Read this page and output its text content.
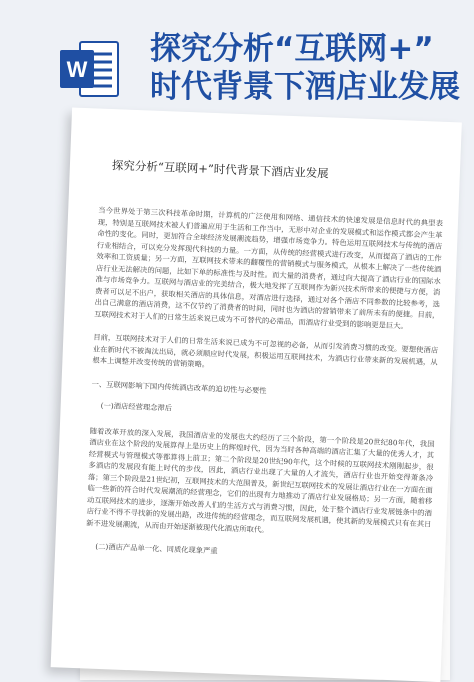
W
探究分析“互联网+”
时代背景下酒店业发展
探究分析“互联网+”时代背景下酒店业发展

当今世界处于第三次科技革命时期，计算机的广泛使用和网络、通信技术的快速发展是信息时代的典型表现，特别是互联网技术被人们普遍应用于生活和工作当中，无形中对企业的发展模式和运作模式都会产生革命性的变化。同时，更加符合全球经济发展潮流趋势，增强市场竞争力。特色运用互联网技术与传统的酒店行业相结合，可以充分发挥现代科技的力量。一方面，从传统的经营模式进行改变，从而提高了酒店的工作效率和工资质量；另一方面，互联网技术带来的翻覆性的营销模式与服务模式，从根本上解决了一些传统酒店行业无法解决的问题，比如下单的标准性与及时性。而大量的消费者，通过向大提高了酒店行业的国际水准与市场竞争力。互联网与酒店业的完美结合，极大地发挥了互联网作为新兴技术所带来的便捷与方便，消费者可以足不出户，获取相关酒店的具体信息，对酒店进行选择，通过对各个酒店不同参数的比较参考，选出自己满意的酒店消费，这不仅节约了消费者的时间，同时也为酒店的营销带来了前所未有的便捷。目前，互联网技术对于人们的日常生活来说已成为不可替代的必需品，而酒店行业受到的影响更是巨大。

目前，互联网技术对于人们的日常生活来说已成为不可忽视的必备，从而引发消费习惯的改变。要想使酒店业在新时代不被淘汰出局，就必须顺应时代发展，积极运用互联网技术，为酒店行业带来新的发展机遇，从根本上调整并改变传统的营销策略。

一、互联网影响下国内传统酒店改革的迫切性与必要性

(一)酒店经营理念滞后

随着改革开放的深入发展，我国酒店业的发展也大约经历了三个阶段，第一个阶段是20世纪80年代，我国酒店业在这个阶段的发展算得上是历史上的辉煌时代，因为当时各种高端的酒店汇集了大量的优秀人才，其经营模式与管理模式等都算得上前卫；第二个阶段是20世纪90年代，这个时候的互联网技术刚刚起步，很多酒店的发展段有能上时代的步伐，因此，酒店行业出现了大量的人才流失，酒店行业也开始变得萧条冷落；第三个阶段是21世纪初，互联网技术的大范围普及，新世纪互联网技术的发展让酒店行业在一方面在面临一些新的符合时代发展潮流的经营理念，它们的出现有力地推动了酒店行业发展格局；另一方面，随着移动互联网技术的进步，逐渐开始改善人们的生活方式与消费习惯，因此，处于整个酒店行业发展链条中的酒店行业不得不寻找新的发展出路，改进传统的经营理念，而互联网发展机遇，使其新的发展模式只有在其日新不进发展潮流，从而由开始逐渐被现代化酒店所取代。

(二)酒店产品单一化、同质化现象严重
